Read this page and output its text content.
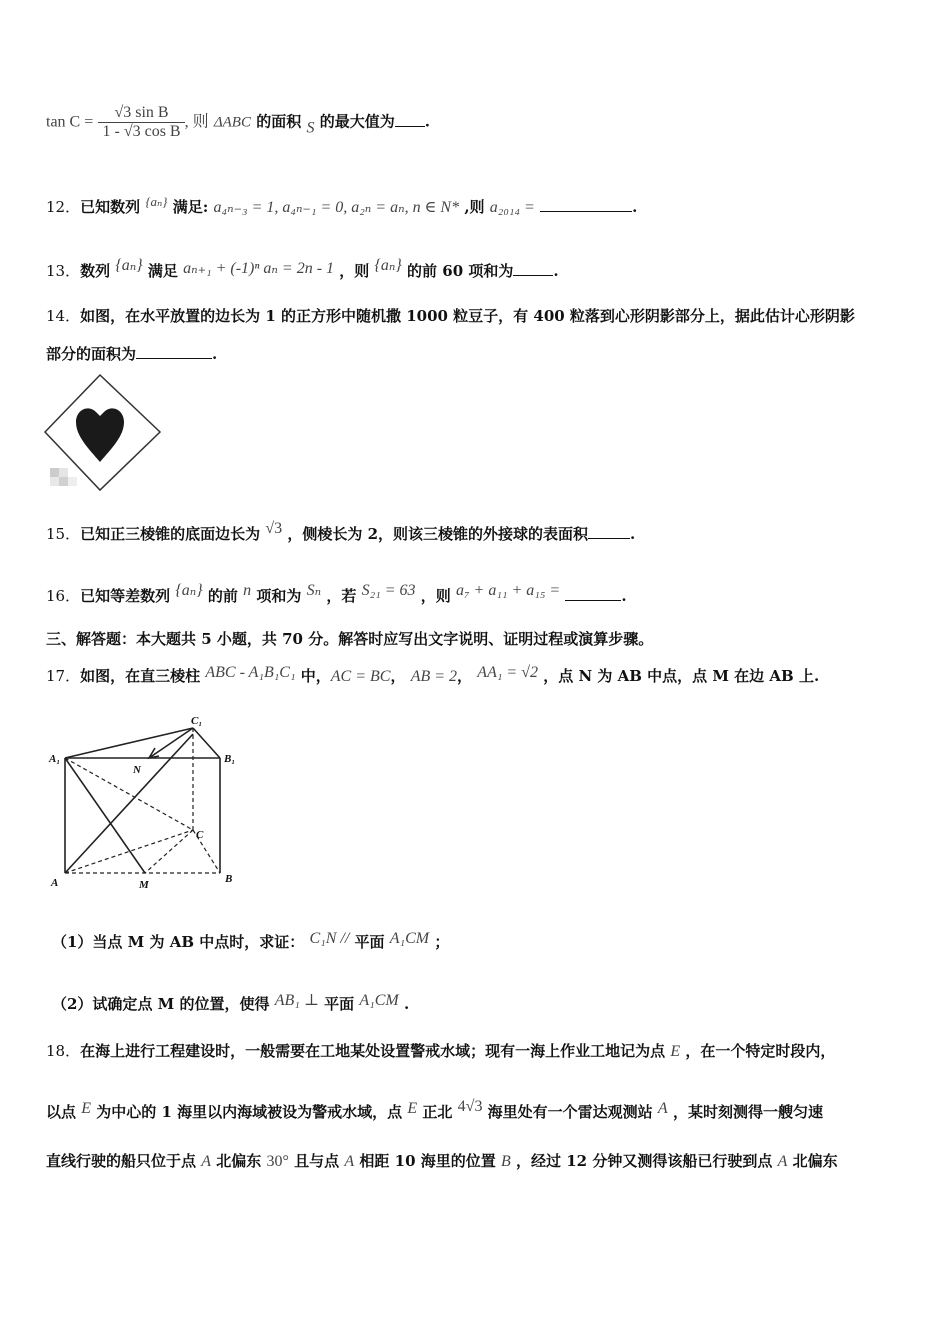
$\tan C = \frac{\text{√3 sin B}}{\text{1 - √3 cos B}}$ , 则 ΔABC 的面积 S 的最大值为 .
12．已知数列 {aₙ} 满足: a₄ₙ₋₃ = 1, a₄ₙ₋₁ = 0, a₂ₙ = aₙ, n ∈ N* ,则 a₂₀₁₄ =	.
13．数列 {aₙ} 满足 aₙ₊₁ + (-1)ⁿ aₙ = 2n - 1 ，则 {aₙ} 的前 60 项和为	.
14．如图，在水平放置的边长为 1 的正方形中随机撒 1000 粒豆子，有 400 粒落到心形阴影部分上，据此估计心形阴影
部分的面积为	.
15．已知正三棱锥的底面边长为 √3 ，侧棱长为 2，则该三棱锥的外接球的表面积	.
16．已知等差数列 {aₙ} 的前 n 项和为 Sₙ ，若 S₂₁ = 63 ，则 a₇ + a₁₁ + a₁₅ =	.
三、解答题：本大题共 5 小题，共 70 分。解答时应写出文字说明、证明过程或演算步骤。
17．如图，在直三棱柱 ABC - A₁B₁C₁ 中，AC = BC， AB = 2， AA₁ = √2 ，点 N 为 AB 中点，点 M 在边 AB 上.
C₁
A₁	B₁
N
C
A	M	B
（1）当点 M 为 AB 中点时，求证： C₁N // 平面 A₁CM ；
（2）试确定点 M 的位置，使得 AB₁ ⊥ 平面 A₁CM .
18．在海上进行工程建设时，一般需要在工地某处设置警戒水域；现有一海上作业工地记为点 E ，在一个特定时段内，
以点 E 为中心的 1 海里以内海域被设为警戒水域，点 E 正北 4√3 海里处有一个雷达观测站 A ，某时刻测得一艘匀速
直线行驶的船只位于点 A 北偏东 30° 且与点 A 相距 10 海里的位置 B ，经过 12 分钟又测得该船已行驶到点 A 北偏东
